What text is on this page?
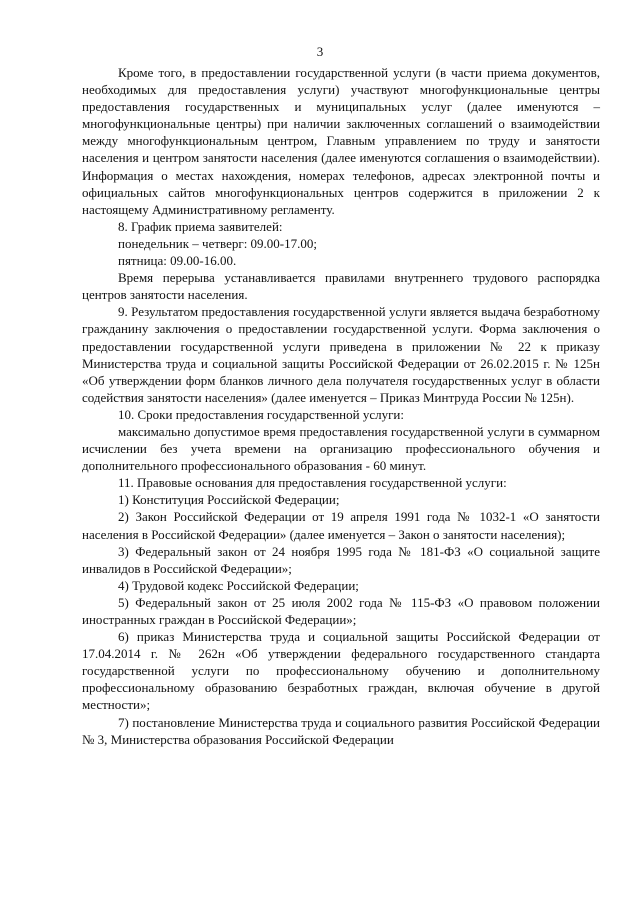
3

Кроме того, в предоставлении государственной услуги (в части приема документов, необходимых для предоставления услуги) участвуют многофункциональные центры предоставления государственных и муниципальных услуг (далее именуются – многофункциональные центры) при наличии заключенных соглашений о взаимодействии между многофункциональным центром, Главным управлением по труду и занятости населения и центром занятости населения (далее именуются соглашения о взаимодействии). Информация о местах нахождения, номерах телефонов, адресах электронной почты и официальных сайтов многофункциональных центров содержится в приложении 2 к настоящему Административному регламенту.

8. График приема заявителей:

понедельник – четверг: 09.00-17.00;

пятница: 09.00-16.00.

Время перерыва устанавливается правилами внутреннего трудового распорядка центров занятости населения.

9. Результатом предоставления государственной услуги является выдача безработному гражданину заключения о предоставлении государственной услуги. Форма заключения о предоставлении государственной услуги приведена в приложении № 22 к приказу Министерства труда и социальной защиты Российской Федерации от 26.02.2015 г. № 125н «Об утверждении форм бланков личного дела получателя государственных услуг в области содействия занятости населения» (далее именуется – Приказ Минтруда России № 125н).

10. Сроки предоставления государственной услуги:

максимально допустимое время предоставления государственной услуги в суммарном исчислении без учета времени на организацию профессионального обучения и дополнительного профессионального образования - 60 минут.

11. Правовые основания для предоставления государственной услуги:

1) Конституция Российской Федерации;

2) Закон Российской Федерации от 19 апреля 1991 года № 1032-1 «О занятости населения в Российской Федерации» (далее именуется – Закон о занятости населения);

3) Федеральный закон от 24 ноября 1995 года № 181-ФЗ «О социальной защите инвалидов в Российской Федерации»;

4) Трудовой кодекс Российской Федерации;

5) Федеральный закон от 25 июля 2002 года № 115-ФЗ «О правовом положении иностранных граждан в Российской Федерации»;

6) приказ Министерства труда и социальной защиты Российской Федерации от 17.04.2014 г. № 262н «Об утверждении федерального государственного стандарта государственной услуги по профессиональному обучению и дополнительному профессиональному образованию безработных граждан, включая обучение в другой местности»;

7) постановление Министерства труда и социального развития Российской Федерации № 3, Министерства образования Российской Федерации
